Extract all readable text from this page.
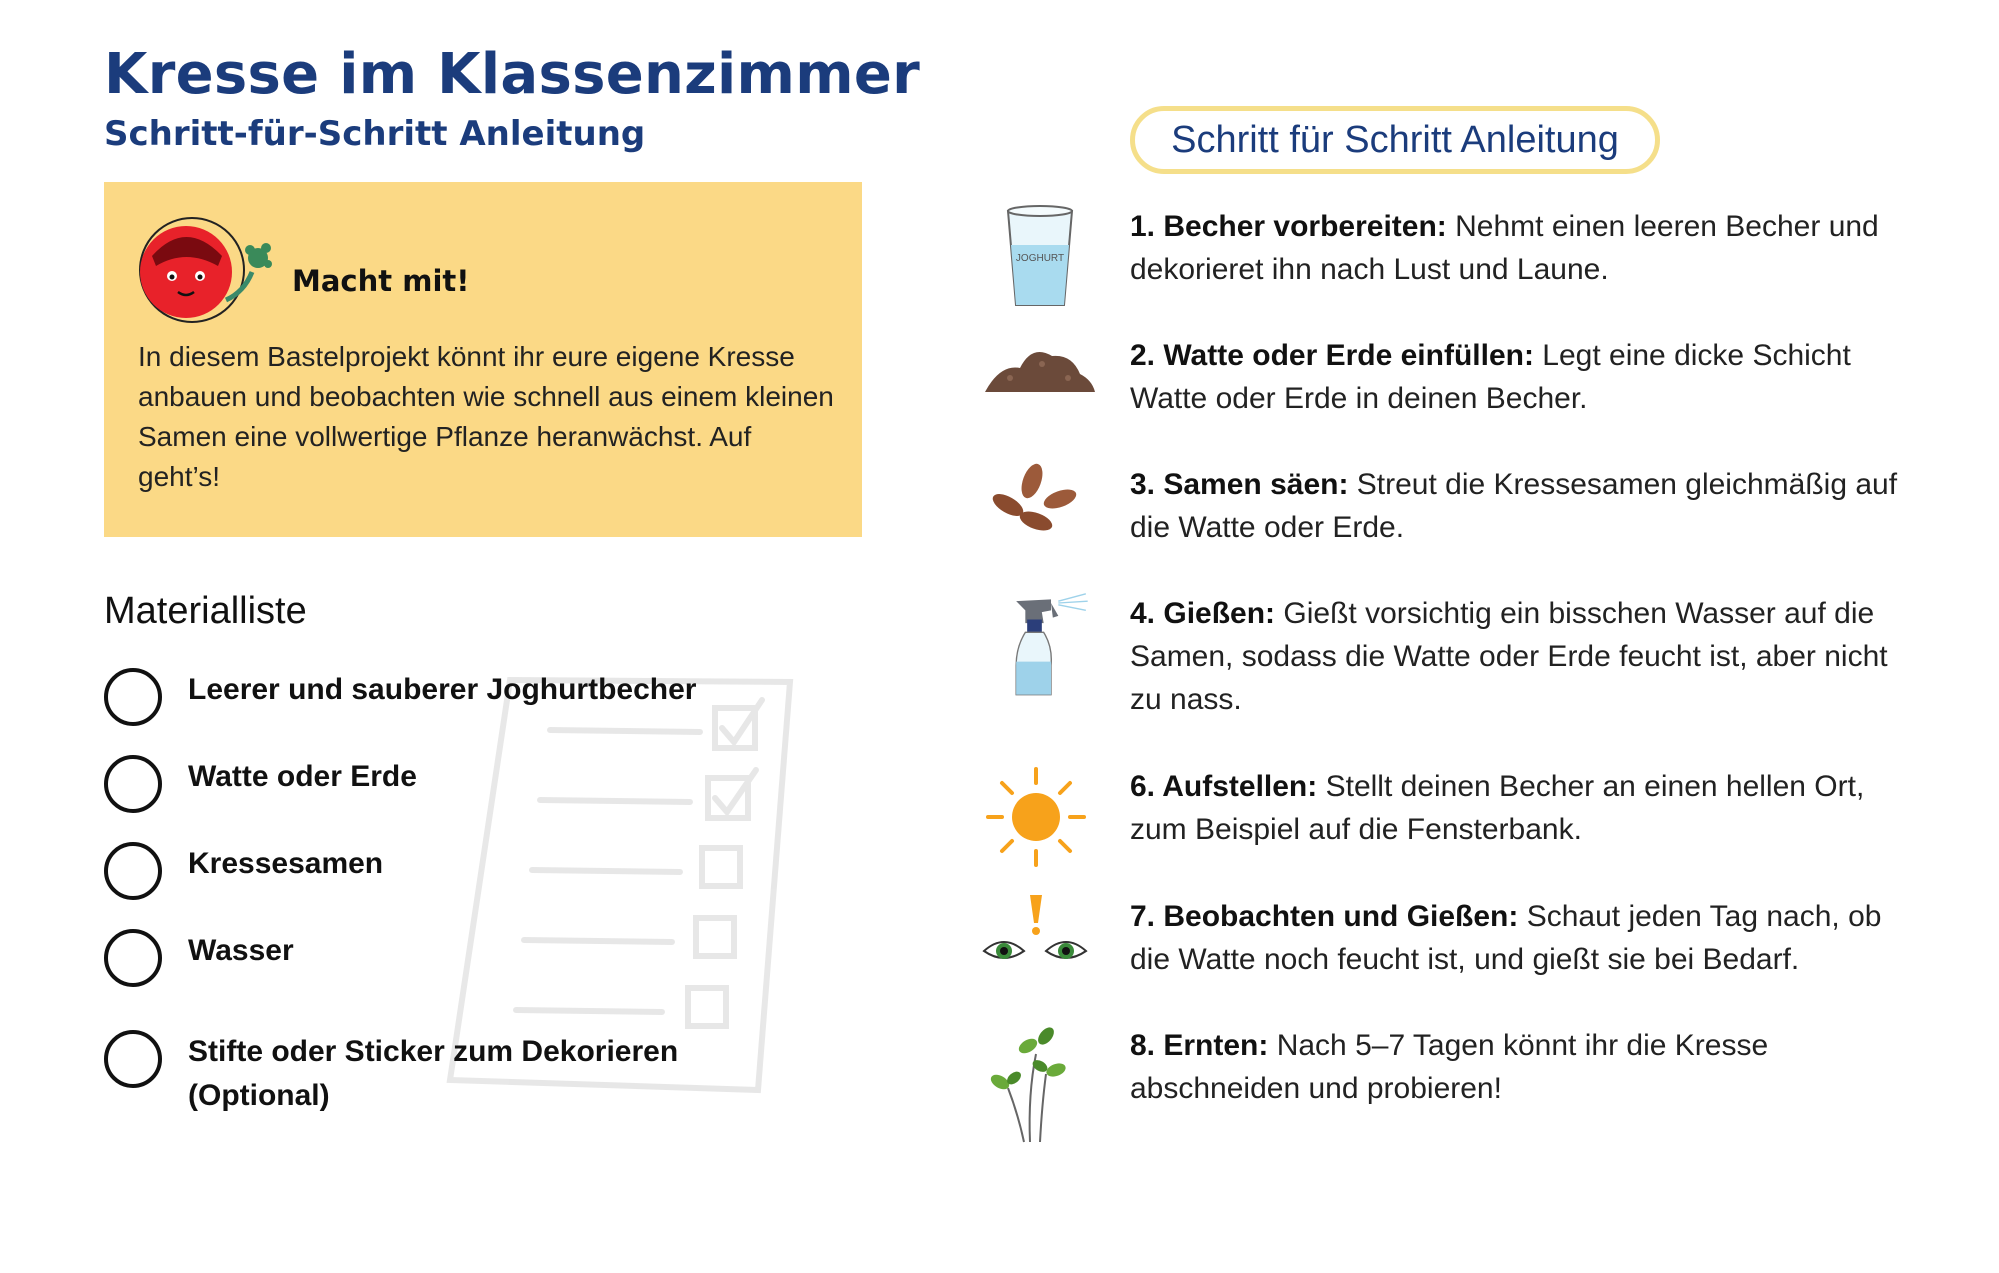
Kresse im Klassenzimmer
Schritt-für-Schritt Anleitung
Macht mit!

In diesem Bastelprojekt könnt ihr eure eigene Kresse anbauen und beobachten wie schnell aus einem kleinen Samen eine vollwertige Pflanze heranwächst. Auf geht’s!

Materialliste
Leerer und sauberer Joghurtbecher
Watte oder Erde
Kressesamen
Wasser
Stifte oder Sticker zum Dekorieren (Optional)
Schritt für Schritt Anleitung
JOGHURT

1. Becher vorbereiten: Nehmt einen leeren Becher und dekorieret ihn nach Lust und Laune.

2. Watte oder Erde einfüllen: Legt eine dicke Schicht Watte oder Erde in deinen Becher.

3. Samen säen: Streut die Kressesamen gleichmäßig auf die Watte oder Erde.

4. Gießen: Gießt vorsichtig ein bisschen Wasser auf die Samen, sodass die Watte oder Erde feucht ist, aber nicht zu nass.

6. Aufstellen: Stellt deinen Becher an einen hellen Ort, zum Beispiel auf die Fensterbank.

7. Beobachten und Gießen: Schaut jeden Tag nach, ob die Watte noch feucht ist, und gießt sie bei Bedarf.

8. Ernten: Nach 5–7 Tagen könnt ihr die Kresse abschneiden und probieren!
